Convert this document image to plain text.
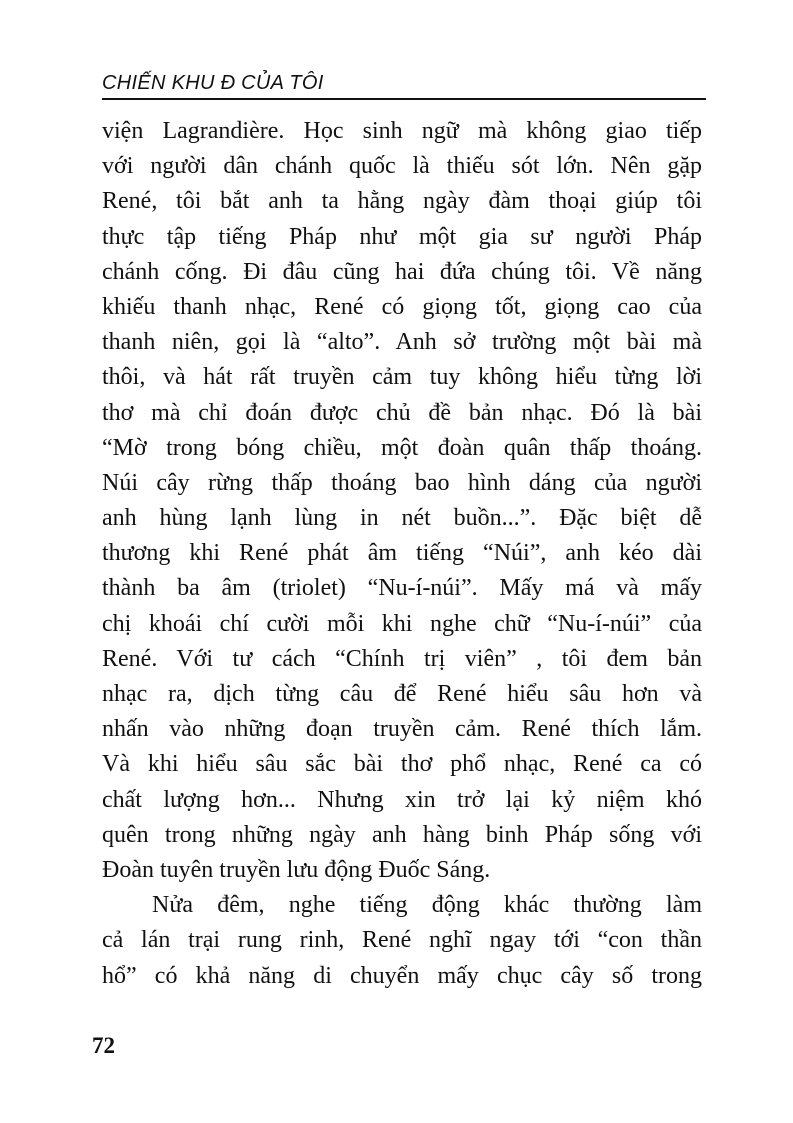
CHIẾN KHU Đ CỦA TÔI
viện Lagrandière. Học sinh ngữ mà không giao tiếp
với người dân chánh quốc là thiếu sót lớn. Nên gặp
René, tôi bắt anh ta hằng ngày đàm thoại giúp tôi
thực tập tiếng Pháp như một gia sư người Pháp
chánh cống. Đi đâu cũng hai đứa chúng tôi. Về năng
khiếu thanh nhạc, René có giọng tốt, giọng cao của
thanh niên, gọi là “alto”. Anh sở trường một bài mà
thôi, và hát rất truyền cảm tuy không hiểu từng lời
thơ mà chỉ đoán được chủ đề bản nhạc. Đó là bài
“Mờ trong bóng chiều, một đoàn quân thấp thoáng.
Núi cây rừng thấp thoáng bao hình dáng của người
anh hùng lạnh lùng in nét buồn...”. Đặc biệt dễ
thương khi René phát âm tiếng “Núi”, anh kéo dài
thành ba âm (triolet) “Nu-í-núi”. Mấy má và mấy
chị khoái chí cười mỗi khi nghe chữ “Nu-í-núi” của
René. Với tư cách “Chính trị viên” , tôi đem bản
nhạc ra, dịch từng câu để René hiểu sâu hơn và
nhấn vào những đoạn truyền cảm. René thích lắm.
Và khi hiểu sâu sắc bài thơ phổ nhạc, René ca có
chất lượng hơn... Nhưng xin trở lại kỷ niệm khó
quên trong những ngày anh hàng binh Pháp sống với
Đoàn tuyên truyền lưu động Đuốc Sáng.
Nửa đêm, nghe tiếng động khác thường làm
cả lán trại rung rinh, René nghĩ ngay tới “con thần
hổ” có khả năng di chuyển mấy chục cây số trong
72
